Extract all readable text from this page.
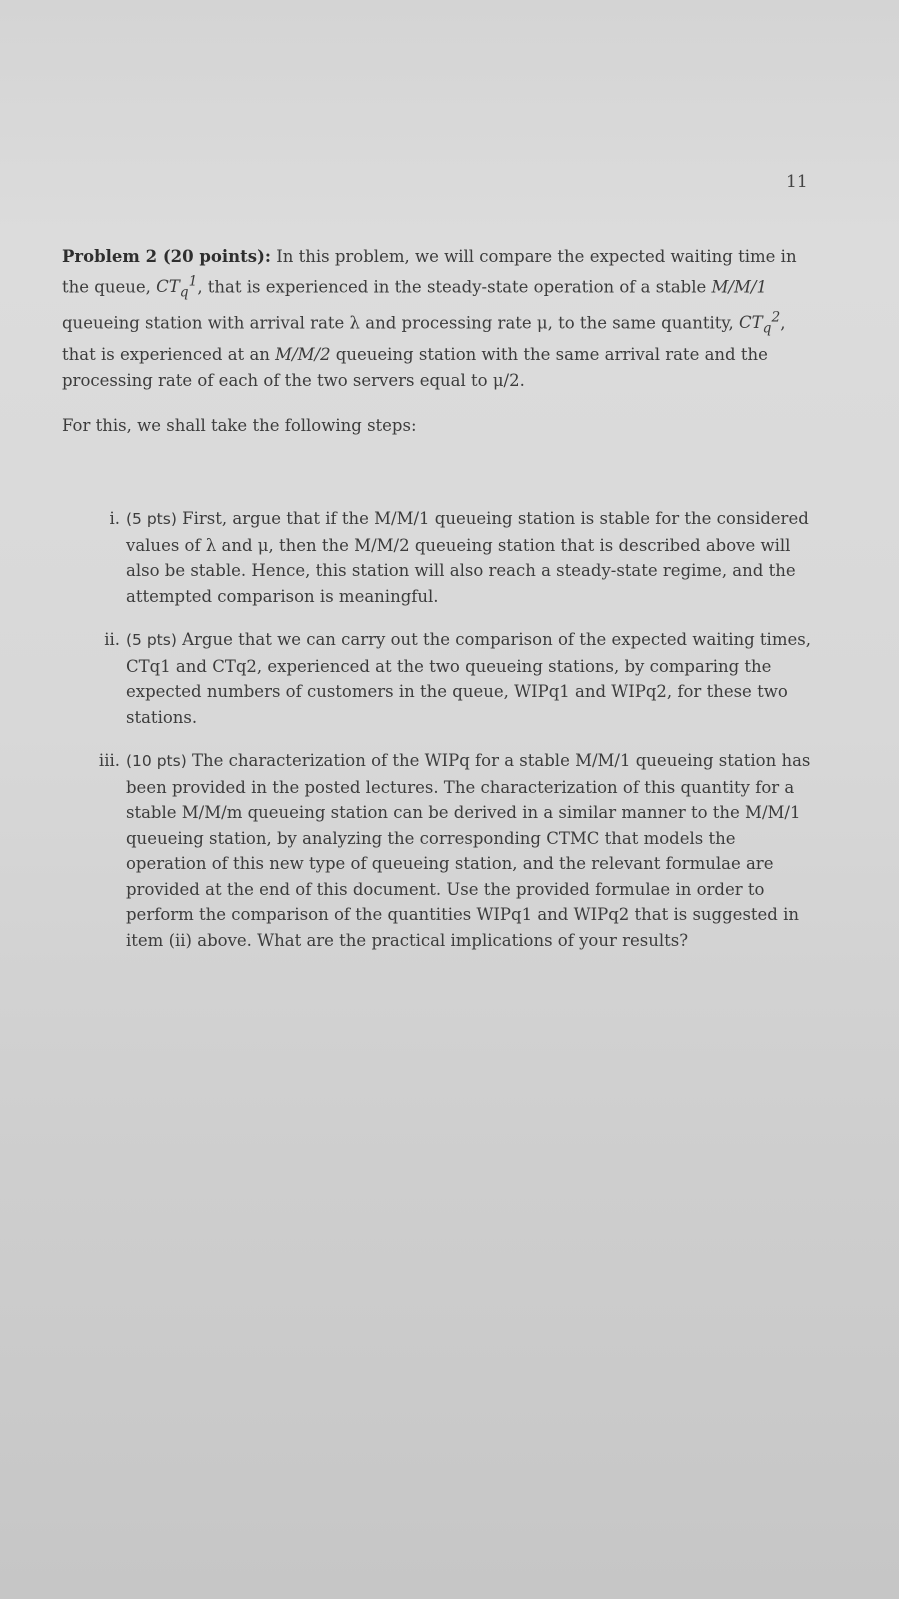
11

Problem 2 (20 points): In this problem, we will compare the expected waiting time in the queue, $CT_q^1$, that is experienced in the steady-state operation of a stable M/M/1 queueing station with arrival rate λ and processing rate μ, to the same quantity, $CT_q^2$, that is experienced at an M/M/2 queueing station with the same arrival rate and the processing rate of each of the two servers equal to μ/2.

For this, we shall take the following steps:

i. (5 pts) First, argue that if the M/M/1 queueing station is stable for the considered values of λ and μ, then the M/M/2 queueing station that is described above will also be stable. Hence, this station will also reach a steady-state regime, and the attempted comparison is meaningful.
ii. (5 pts) Argue that we can carry out the comparison of the expected waiting times, CTq1 and CTq2, experienced at the two queueing stations, by comparing the expected numbers of customers in the queue, WIPq1 and WIPq2, for these two stations.
iii. (10 pts) The characterization of the WIPq for a stable M/M/1 queueing station has been provided in the posted lectures. The characterization of this quantity for a stable M/M/m queueing station can be derived in a similar manner to the M/M/1 queueing station, by analyzing the corresponding CTMC that models the operation of this new type of queueing station, and the relevant formulae are provided at the end of this document. Use the provided formulae in order to perform the comparison of the quantities WIPq1 and WIPq2 that is suggested in item (ii) above. What are the practical implications of your results?
